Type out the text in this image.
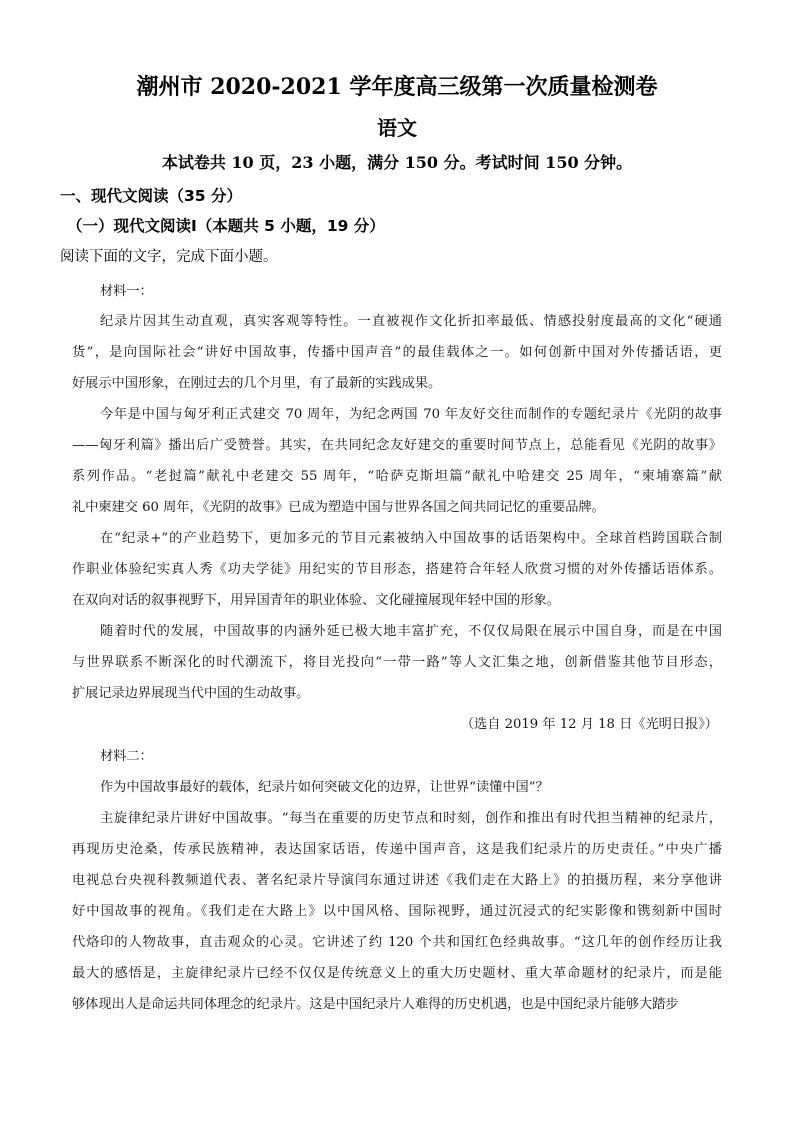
潮州市 2020-2021 学年度高三级第一次质量检测卷
语文
本试卷共 10 页，23 小题，满分 150 分。考试时间 150 分钟。
一、现代文阅读（35 分）
（一）现代文阅读Ⅰ（本题共 5 小题，19 分）
阅读下面的文字，完成下面小题。
材料一：
纪录片因其生动直观，真实客观等特性。一直被视作文化折扣率最低、情感投射度最高的文化“硬通
货”，是向国际社会“讲好中国故事，传播中国声音”的最佳载体之一。如何创新中国对外传播话语，更
好展示中国形象，在刚过去的几个月里，有了最新的实践成果。
今年是中国与匈牙利正式建交 70 周年，为纪念两国 70 年友好交往而制作的专题纪录片《光阴的故事
——匈牙利篇》播出后广受赞誉。其实，在共同纪念友好建交的重要时间节点上，总能看见《光阴的故事》
系列作品。“老挝篇”献礼中老建交 55 周年，“哈萨克斯坦篇”献礼中哈建交 25 周年，“柬埔寨篇”献
礼中柬建交 60 周年，《光阴的故事》已成为塑造中国与世界各国之间共同记忆的重要品牌。
在“纪录+”的产业趋势下，更加多元的节目元素被纳入中国故事的话语架构中。全球首档跨国联合制
作职业体验纪实真人秀《功夫学徒》用纪实的节目形态，搭建符合年轻人欣赏习惯的对外传播话语体系。
在双向对话的叙事视野下，用异国青年的职业体验、文化碰撞展现年轻中国的形象。
随着时代的发展，中国故事的内涵外延已极大地丰富扩充，不仅仅局限在展示中国自身，而是在中国
与世界联系不断深化的时代潮流下，将目光投向“一带一路”等人文汇集之地，创新借鉴其他节目形态，
扩展记录边界展现当代中国的生动故事。
（选自 2019 年 12 月 18 日《光明日报》）
材料二：
作为中国故事最好的载体，纪录片如何突破文化的边界，让世界“读懂中国”？
主旋律纪录片讲好中国故事。“每当在重要的历史节点和时刻，创作和推出有时代担当精神的纪录片，
再现历史沧桑，传承民族精神，表达国家话语，传递中国声音，这是我们纪录片的历史责任。”中央广播
电视总台央视科教频道代表、著名纪录片导演闫东通过讲述《我们走在大路上》的拍摄历程，来分享他讲
好中国故事的视角。《我们走在大路上》以中国风格、国际视野，通过沉浸式的纪实影像和镌刻新中国时
代烙印的人物故事，直击观众的心灵。它讲述了约 120 个共和国红色经典故事。“这几年的创作经历让我
最大的感悟是，主旋律纪录片已经不仅仅是传统意义上的重大历史题材、重大革命题材的纪录片，而是能
够体现出人是命运共同体理念的纪录片。这是中国纪录片人难得的历史机遇，也是中国纪录片能够大踏步
